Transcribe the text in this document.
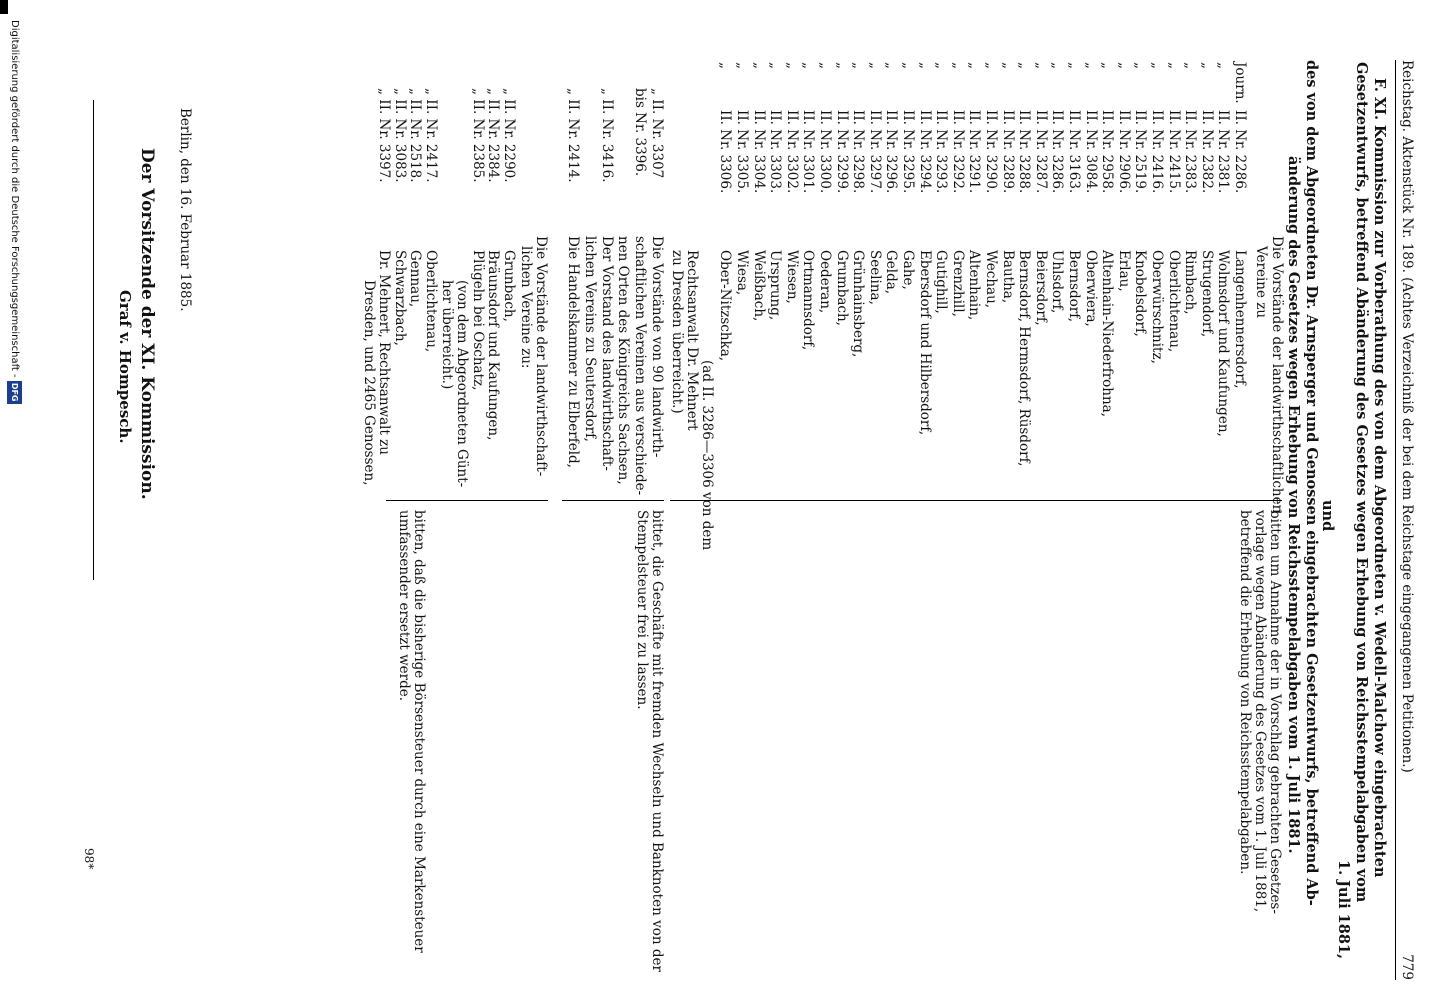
Reichstag. Aktenstück Nr. 189. (Achtes Verzeichniß der bei dem Reichstage eingegangenen Petitionen.)
779
F. XI. Kommission zur Vorberathung des von dem Abgeordneten v. Wedell-Malchow eingebrachten
Gesetzentwurfs, betreffend Abänderung des Gesetzes wegen Erhebung von Reichsstempelabgaben vom
1. Juli 1881,
und
des von dem Abgeordneten Dr. Arnsperger und Genossen eingebrachten Gesetzentwurfs, betreffend Ab-
änderung des Gesetzes wegen Erhebung von Reichsstempelabgaben vom 1. Juli 1881.
Die Vorstände der landwirthschaftlichen
Vereine zu
Journ.
II. Nr. 2286.
Langenhennersdorf,
„
II. Nr. 2381.
Wolmsdorf und Kaufungen,
„
II. Nr. 2382.
Strugendorf,
„
II. Nr. 2383.
Rimbach,
„
II. Nr. 2415.
Oberlichtenau,
„
II. Nr. 2416.
Oberwürschnitz,
„
II. Nr. 2519.
Knobelsdorf,
„
II. Nr. 2906.
Erlau,
„
II. Nr. 2958.
Altenhain-Niederfrohna,
„
II. Nr. 3084.
Oberwiera,
„
II. Nr. 3163.
Bernsdorf,
„
II. Nr. 3286.
Uhlsdorf,
„
II. Nr. 3287.
Beiersdorf,
„
II. Nr. 3288.
Bernsdorf, Hermsdorf, Rüsdorf,
„
II. Nr. 3289.
Bautha,
„
II. Nr. 3290.
Wechau,
„
II. Nr. 3291.
Altenhain,
„
II. Nr. 3292.
Grenzhill,
„
II. Nr. 3293.
Gutighill,
„
II. Nr. 3294.
Ebersdorf und Hilbersdorf,
„
II. Nr. 3295.
Gahe,
„
II. Nr. 3296.
Gelda,
„
II. Nr. 3297.
Seelina,
„
II. Nr. 3298.
Grünhainsberg,
„
II. Nr. 3299.
Grumbach,
„
II. Nr. 3300.
Oederan,
„
II. Nr. 3301.
Ortmannsdorf,
„
II. Nr. 3302.
Wiesen,
„
II. Nr. 3303.
Ursprung,
„
II. Nr. 3304.
Weißbach,
„
II. Nr. 3305.
Wiesa,
„
II. Nr. 3306.
Ober-Nitzschka,
(ad II. 3286—3306 von dem
Rechtsanwalt Dr. Mehnert
zu Dresden überreicht.)
bitten um Annahme der in Vorschlag gebrachten Gesetzes-
vorlage wegen Abänderung des Gesetzes vom 1. Juli 1881,
betreffend die Erhebung von Reichsstempelabgaben.
„ II. Nr. 3307
Die Vorstände von 90 landwirth-
bis Nr. 3396.
schaftlichen Vereinen aus verschiede-
nen Orten des Königreichs Sachsen,
„ II. Nr. 3416.
Der Vorstand des landwirthschaft-
lichen Vereins zu Seutersdorf,
„ II. Nr. 2414.
Die Handelskammer zu Elberfeld,
bittet, die Geschäfte mit fremden Wechseln und Banknoten von der Stempelsteuer frei zu lassen.
Die Vorstände der landwirthschaft-
lichen Vereine zu:
„ II. Nr. 2290.
Grunbach,
„ II. Nr. 2384.
Bräunsdorf und Kaufungen,
„ II. Nr. 2385.
Plügeln bei Oschatz,
(von dem Abgeordneten Günt-
her überreicht.)
„ II. Nr. 2417.
Oberlichtenau,
„ II. Nr. 2518.
Gennau,
„ II. Nr. 3083.
Schwarzbach,
„ II. Nr. 3397.
Dr. Mehnert, Rechtsanwalt zu
Dresden, und 2465 Genossen,
bitten, daß die bisherige Börsensteuer durch eine Markensteuer
umfassender ersetzt werde.
Berlin, den 16. Februar 1885.
Der Vorsitzende der XI. Kommission.
Graf v. Hompesch.
98*
Digitalisierung gefördert durch die Deutsche Forschungsgemeinschaft - DFG
